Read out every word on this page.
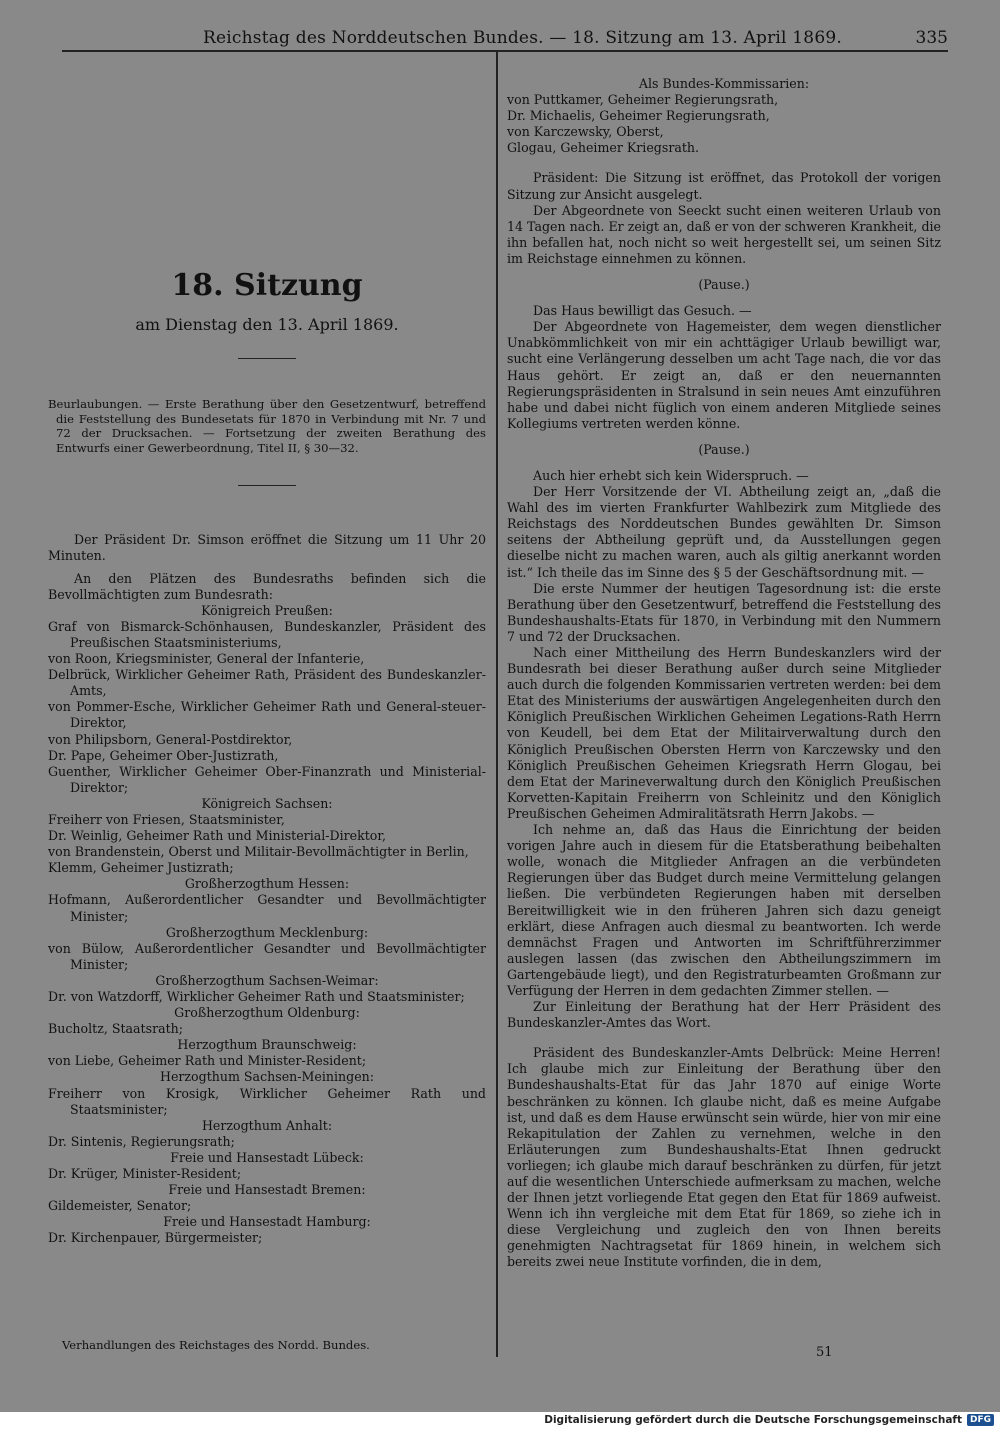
Reichstag des Norddeutschen Bundes. — 18. Sitzung am 13. April 1869.	335

18. Sitzung

am Dienstag den 13. April 1869.

Beurlaubungen. — Erste Berathung über den Gesetzentwurf, betreffend die Feststellung des Bundesetats für 1870 in Verbindung mit Nr. 7 und 72 der Drucksachen. — Fortsetzung der zweiten Berathung des Entwurfs einer Gewerbeordnung, Titel II, § 30—32.

Der Präsident Dr. Simson eröffnet die Sitzung um 11 Uhr 20 Minuten.

An den Plätzen des Bundesraths befinden sich die Bevollmächtigten zum Bundesrath:

Königreich Preußen:

Graf von Bismarck-Schönhausen, Bundeskanzler, Präsident des Preußischen Staatsministeriums,

von Roon, Kriegsminister, General der Infanterie,

Delbrück, Wirklicher Geheimer Rath, Präsident des Bundeskanzler-Amts,

von Pommer-Esche, Wirklicher Geheimer Rath und General-steuer-Direktor,

von Philipsborn, General-Postdirektor,

Dr. Pape, Geheimer Ober-Justizrath,

Guenther, Wirklicher Geheimer Ober-Finanzrath und Ministerial-Direktor;

Königreich Sachsen:

Freiherr von Friesen, Staatsminister,

Dr. Weinlig, Geheimer Rath und Ministerial-Direktor,

von Brandenstein, Oberst und Militair-Bevollmächtigter in Berlin,

Klemm, Geheimer Justizrath;

Großherzogthum Hessen:

Hofmann, Außerordentlicher Gesandter und Bevollmächtigter Minister;

Großherzogthum Mecklenburg:

von Bülow, Außerordentlicher Gesandter und Bevollmächtigter Minister;

Großherzogthum Sachsen-Weimar:

Dr. von Watzdorff, Wirklicher Geheimer Rath und Staatsminister;

Großherzogthum Oldenburg:

Bucholtz, Staatsrath;

Herzogthum Braunschweig:

von Liebe, Geheimer Rath und Minister-Resident;

Herzogthum Sachsen-Meiningen:

Freiherr von Krosigk, Wirklicher Geheimer Rath und Staatsminister;

Herzogthum Anhalt:

Dr. Sintenis, Regierungsrath;

Freie und Hansestadt Lübeck:

Dr. Krüger, Minister-Resident;

Freie und Hansestadt Bremen:

Gildemeister, Senator;

Freie und Hansestadt Hamburg:

Dr. Kirchenpauer, Bürgermeister;

Als Bundes-Kommissarien:

von Puttkamer, Geheimer Regierungsrath,

Dr. Michaelis, Geheimer Regierungsrath,

von Karczewsky, Oberst,

Glogau, Geheimer Kriegsrath.

Präsident: Die Sitzung ist eröffnet, das Protokoll der vorigen Sitzung zur Ansicht ausgelegt.

Der Abgeordnete von Seeckt sucht einen weiteren Urlaub von 14 Tagen nach. Er zeigt an, daß er von der schweren Krankheit, die ihn befallen hat, noch nicht so weit hergestellt sei, um seinen Sitz im Reichstage einnehmen zu können.

(Pause.)

Das Haus bewilligt das Gesuch. —

Der Abgeordnete von Hagemeister, dem wegen dienstlicher Unabkömmlichkeit von mir ein achttägiger Urlaub bewilligt war, sucht eine Verlängerung desselben um acht Tage nach, die vor das Haus gehört. Er zeigt an, daß er den neuernannten Regierungspräsidenten in Stralsund in sein neues Amt einzuführen habe und dabei nicht füglich von einem anderen Mitgliede seines Kollegiums vertreten werden könne.

(Pause.)

Auch hier erhebt sich kein Widerspruch. —

Der Herr Vorsitzende der VI. Abtheilung zeigt an, „daß die Wahl des im vierten Frankfurter Wahlbezirk zum Mitgliede des Reichstags des Norddeutschen Bundes gewählten Dr. Simson seitens der Abtheilung geprüft und, da Ausstellungen gegen dieselbe nicht zu machen waren, auch als giltig anerkannt worden ist.“ Ich theile das im Sinne des § 5 der Geschäftsordnung mit. —

Die erste Nummer der heutigen Tagesordnung ist: die erste Berathung über den Gesetzentwurf, betreffend die Feststellung des Bundeshaushalts-Etats für 1870, in Verbindung mit den Nummern 7 und 72 der Drucksachen.

Nach einer Mittheilung des Herrn Bundeskanzlers wird der Bundesrath bei dieser Berathung außer durch seine Mitglieder auch durch die folgenden Kommissarien vertreten werden: bei dem Etat des Ministeriums der auswärtigen Angelegenheiten durch den Königlich Preußischen Wirklichen Geheimen Legations-Rath Herrn von Keudell, bei dem Etat der Militairverwaltung durch den Königlich Preußischen Obersten Herrn von Karczewsky und den Königlich Preußischen Geheimen Kriegsrath Herrn Glogau, bei dem Etat der Marineverwaltung durch den Königlich Preußischen Korvetten-Kapitain Freiherrn von Schleinitz und den Königlich Preußischen Geheimen Admiralitätsrath Herrn Jakobs. —

Ich nehme an, daß das Haus die Einrichtung der beiden vorigen Jahre auch in diesem für die Etatsberathung beibehalten wolle, wonach die Mitglieder Anfragen an die verbündeten Regierungen über das Budget durch meine Vermittelung gelangen ließen. Die verbündeten Regierungen haben mit derselben Bereitwilligkeit wie in den früheren Jahren sich dazu geneigt erklärt, diese Anfragen auch diesmal zu beantworten. Ich werde demnächst Fragen und Antworten im Schriftführerzimmer auslegen lassen (das zwischen den Abtheilungszimmern im Gartengebäude liegt), und den Registraturbeamten Großmann zur Verfügung der Herren in dem gedachten Zimmer stellen. —

Zur Einleitung der Berathung hat der Herr Präsident des Bundeskanzler-Amtes das Wort.

Präsident des Bundeskanzler-Amts Delbrück: Meine Herren! Ich glaube mich zur Einleitung der Berathung über den Bundeshaushalts-Etat für das Jahr 1870 auf einige Worte beschränken zu können. Ich glaube nicht, daß es meine Aufgabe ist, und daß es dem Hause erwünscht sein würde, hier von mir eine Rekapitulation der Zahlen zu vernehmen, welche in den Erläuterungen zum Bundeshaushalts-Etat Ihnen gedruckt vorliegen; ich glaube mich darauf beschränken zu dürfen, für jetzt auf die wesentlichen Unterschiede aufmerksam zu machen, welche der Ihnen jetzt vorliegende Etat gegen den Etat für 1869 aufweist. Wenn ich ihn vergleiche mit dem Etat für 1869, so ziehe ich in diese Vergleichung und zugleich den von Ihnen bereits genehmigten Nachtragsetat für 1869 hinein, in welchem sich bereits zwei neue Institute vorfinden, die in dem,

Verhandlungen des Reichstages des Nordd. Bundes.	51
Digitalisierung gefördert durch die Deutsche Forschungsgemeinschaft DFG
